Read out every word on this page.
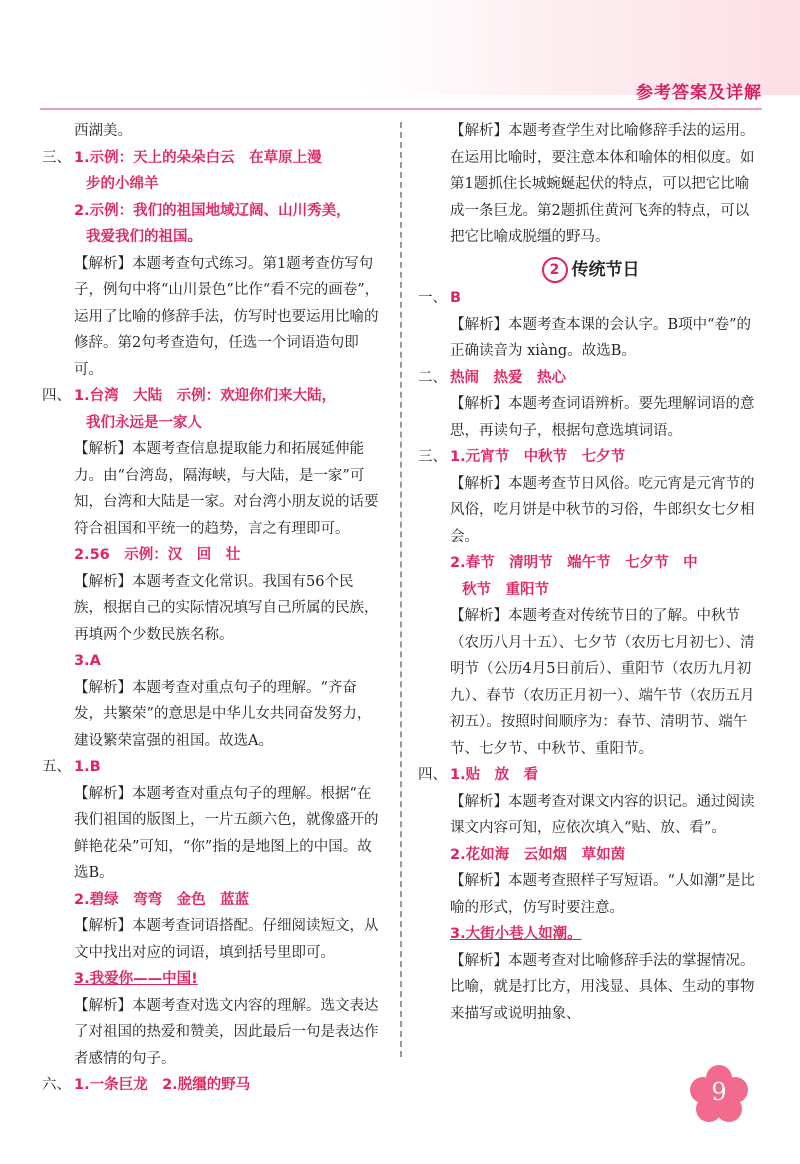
参考答案及详解
西湖美。
三、 1.示例：天上的朵朵白云　在草原上漫
步的小绵羊
2.示例：我们的祖国地域辽阔、山川秀美，
我爱我们的祖国。
【解析】本题考查句式练习。第1题考查仿写句子，例句中将“山川景色”比作“看不完的画卷”，运用了比喻的修辞手法，仿写时也要运用比喻的修辞。第2句考查造句，任选一个词语造句即可。
四、 1.台湾　大陆　示例：欢迎你们来大陆，
我们永远是一家人
【解析】本题考查信息提取能力和拓展延伸能力。由“台湾岛，隔海峡，与大陆，是一家”可知，台湾和大陆是一家。对台湾小朋友说的话要符合祖国和平统一的趋势，言之有理即可。
2.56　示例：汉　回　壮
【解析】本题考查文化常识。我国有56个民族，根据自己的实际情况填写自己所属的民族，再填两个少数民族名称。
3.A
【解析】本题考查对重点句子的理解。“齐奋发，共繁荣”的意思是中华儿女共同奋发努力，建设繁荣富强的祖国。故选A。
五、 1.B
【解析】本题考查对重点句子的理解。根据“在我们祖国的版图上，一片五颜六色，就像盛开的鲜艳花朵”可知，“你”指的是地图上的中国。故选B。
2.碧绿　弯弯　金色　蓝蓝
【解析】本题考查词语搭配。仔细阅读短文，从文中找出对应的词语，填到括号里即可。
3.我爱你——中国!
【解析】本题考查对选文内容的理解。选文表达了对祖国的热爱和赞美，因此最后一句是表达作者感情的句子。
六、 1.一条巨龙　2.脱缰的野马
【解析】本题考查学生对比喻修辞手法的运用。在运用比喻时，要注意本体和喻体的相似度。如第1题抓住长城蜿蜒起伏的特点，可以把它比喻成一条巨龙。第2题抓住黄河飞奔的特点，可以把它比喻成脱缰的野马。
2 传统节日
一、 B
【解析】本题考查本课的会认字。B项中“卷”的正确读音为 xiàng。故选B。
二、 热闹　热爱　热心
【解析】本题考查词语辨析。要先理解词语的意思，再读句子，根据句意选填词语。
三、 1.元宵节　中秋节　七夕节
【解析】本题考查节日风俗。吃元宵是元宵节的风俗，吃月饼是中秋节的习俗，牛郎织女七夕相会。
2.春节　清明节　端午节　七夕节　中
秋节　重阳节
【解析】本题考查对传统节日的了解。中秋节（农历八月十五）、七夕节（农历七月初七）、清明节（公历4月5日前后）、重阳节（农历九月初九）、春节（农历正月初一）、端午节（农历五月初五）。按照时间顺序为：春节、清明节、端午节、七夕节、中秋节、重阳节。
四、 1.贴　放　看
【解析】本题考查对课文内容的识记。通过阅读课文内容可知，应依次填入“贴、放、看”。
2.花如海　云如烟　草如茵
【解析】本题考查照样子写短语。“人如潮”是比喻的形式，仿写时要注意。
3.大街小巷人如潮。
【解析】本题考查对比喻修辞手法的掌握情况。比喻，就是打比方，用浅显、具体、生动的事物来描写或说明抽象、
9
